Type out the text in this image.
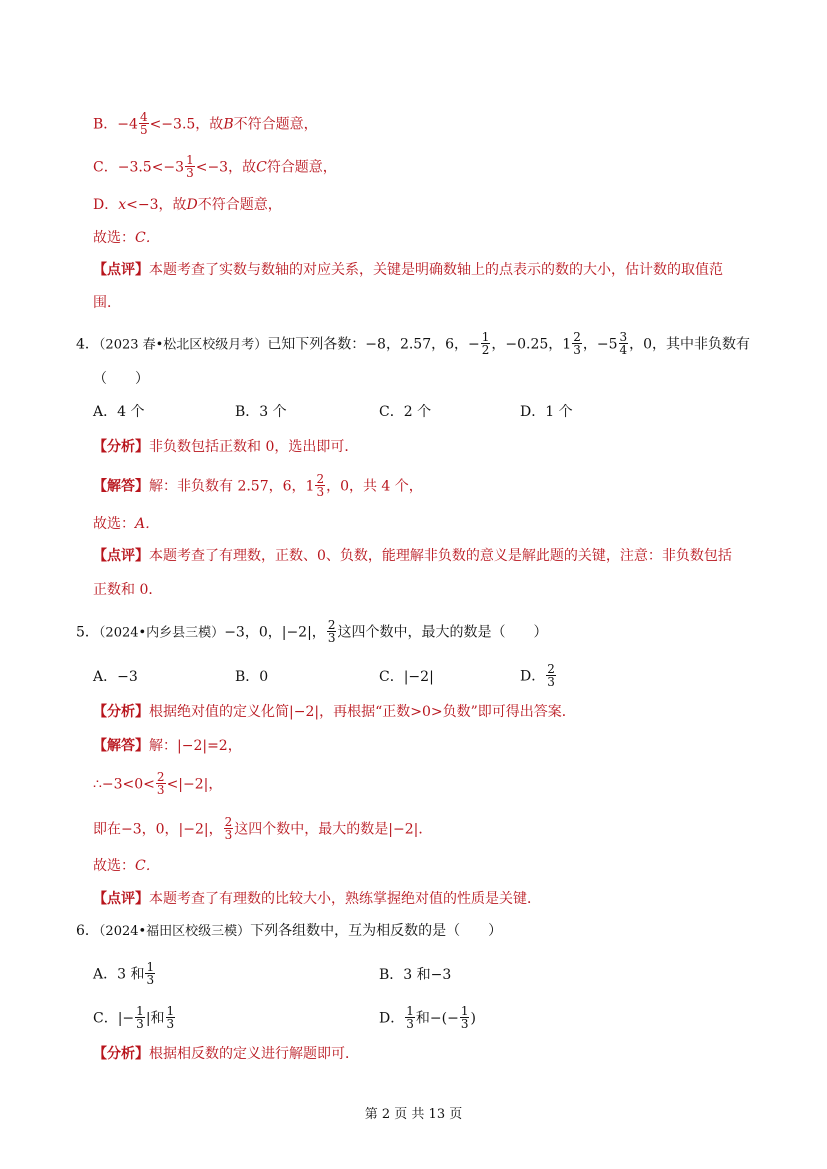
B．$-4 \frac{4}{5} <-3.5$，故B不符合题意，
C．$-3.5<-3 \frac{1}{3} <-3$，故C符合题意，
D．x<−3，故D不符合题意，
故选：C．
【点评】本题考查了实数与数轴的对应关系，关键是明确数轴上的点表示的数的大小，估计数的取值范
围．
4．（2023 春•松北区校级月考）已知下列各数：−8，2.57，6，− $\frac{1}{2}$ ，−0.25，$1 \frac{2}{3}$ ，$-5 \frac{3}{4}$ ，0，其中非负数有
（　　）
A．4 个	B．3 个	C．2 个	D．1 个
【分析】非负数包括正数和 0，选出即可．
【解答】解：非负数有 2.57，6，$1 \frac{2}{3}$ ，0，共 4 个，
故选：A．
【点评】本题考查了有理数，正数、0、负数，能理解非负数的意义是解此题的关键，注意：非负数包括
正数和 0．
5．（2024•内乡县三模）−3，0，|−2|， $\frac{2}{3}$ 这四个数中，最大的数是（　　）
A．−3	B．0	C．|−2|	D． $\frac{2}{3}$
【分析】根据绝对值的定义化简|−2|，再根据“正数>0>负数”即可得出答案．
【解答】解：|−2|=2，
∴−3<0< $\frac{2}{3} <|-2|$，
即在−3，0，|−2|， $\frac{2}{3}$ 这四个数中，最大的数是|−2|．
故选：C．
【点评】本题考查了有理数的比较大小，熟练掌握绝对值的性质是关键．
6．（2024•福田区校级三模）下列各组数中，互为相反数的是（　　）
A．3 和 $\frac{1}{3}$	B．3 和−3
C．|− $\frac{1}{3}$ |和 $\frac{1}{3}$	D． $\frac{1}{3}$ 和−(− $\frac{1}{3}$ )
【分析】根据相反数的定义进行解题即可．
第 2 页 共 13 页
